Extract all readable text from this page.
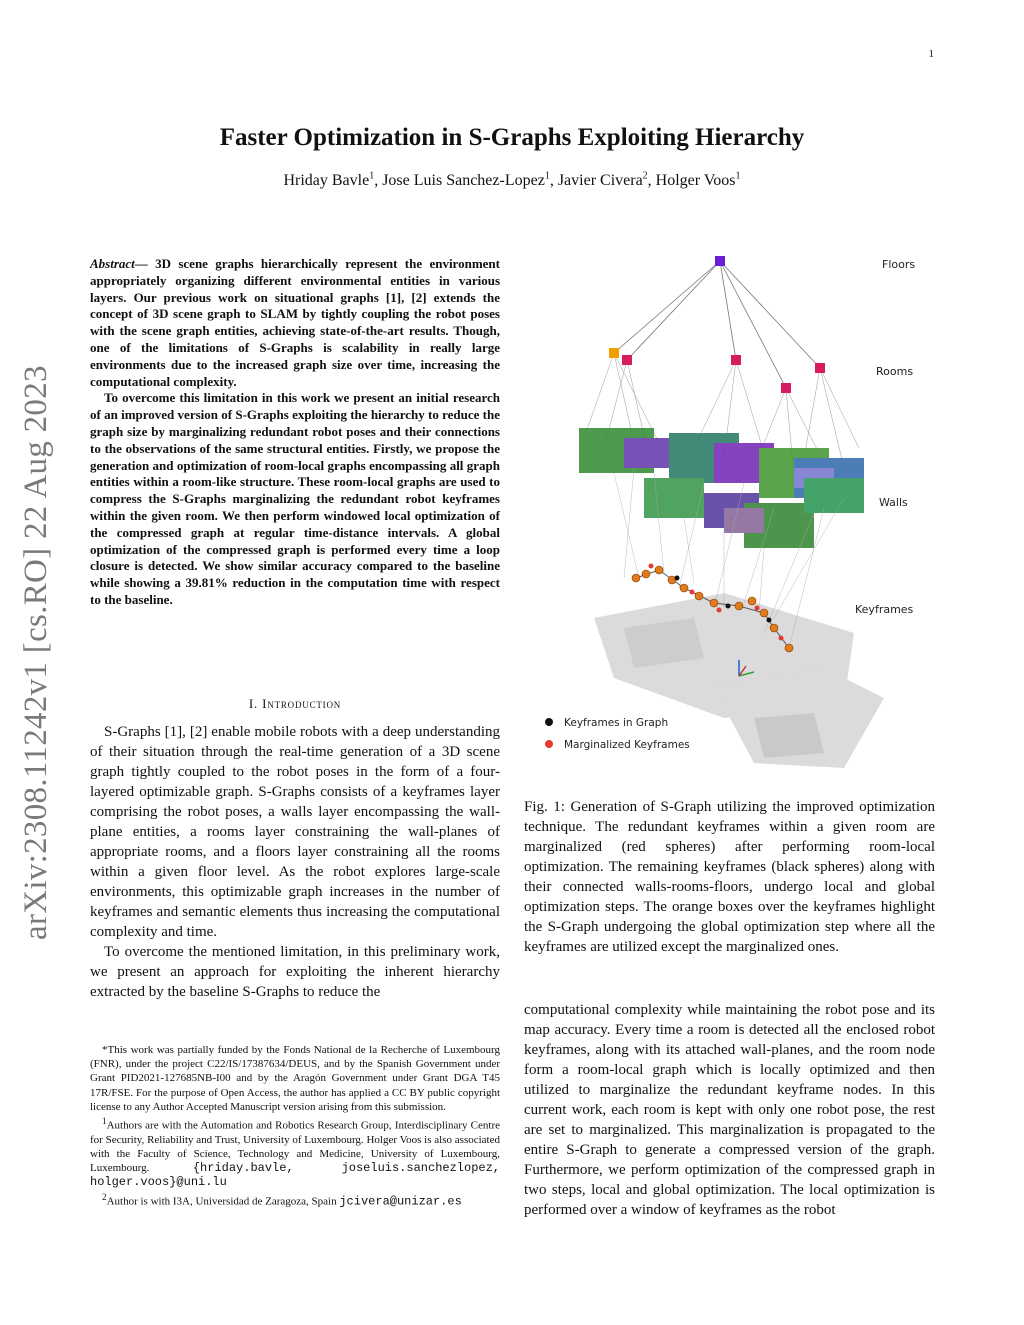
1
arXiv:2308.11242v1 [cs.RO] 22 Aug 2023
Faster Optimization in S-Graphs Exploiting Hierarchy
Hriday Bavle$^1$, Jose Luis Sanchez-Lopez$^1$, Javier Civera$^2$, Holger Voos$^1$

Abstract— 3D scene graphs hierarchically represent the environment appropriately organizing different environmental entities in various layers. Our previous work on situational graphs [1], [2] extends the concept of 3D scene graph to SLAM by tightly coupling the robot poses with the scene graph entities, achieving state-of-the-art results. Though, one of the limitations of S-Graphs is scalability in really large environments due to the increased graph size over time, increasing the computational complexity.

To overcome this limitation in this work we present an initial research of an improved version of S-Graphs exploiting the hierarchy to reduce the graph size by marginalizing redundant robot poses and their connections to the observations of the same structural entities. Firstly, we propose the generation and optimization of room-local graphs encompassing all graph entities within a room-like structure. These room-local graphs are used to compress the S-Graphs marginalizing the redundant robot keyframes within the given room. We then perform windowed local optimization of the compressed graph at regular time-distance intervals. A global optimization of the compressed graph is performed every time a loop closure is detected. We show similar accuracy compared to the baseline while showing a 39.81% reduction in the computation time with respect to the baseline.

I. Introduction

S-Graphs [1], [2] enable mobile robots with a deep understanding of their situation through the real-time generation of a 3D scene graph tightly coupled to the robot poses in the form of a four-layered optimizable graph. S-Graphs consists of a keyframes layer comprising the robot poses, a walls layer encompassing the wall-plane entities, a rooms layer constraining the wall-planes of appropriate rooms, and a floors layer constraining all the rooms within a given floor level. As the robot explores large-scale environments, this optimizable graph increases in the number of keyframes and semantic elements thus increasing the computational complexity and time.

To overcome the mentioned limitation, in this preliminary work, we present an approach for exploiting the inherent hierarchy extracted by the baseline S-Graphs to reduce the

*This work was partially funded by the Fonds National de la Recherche of Luxembourg (FNR), under the project C22/IS/17387634/DEUS, and by the Spanish Government under Grant PID2021-127685NB-I00 and by the Aragón Government under Grant DGA T45 17R/FSE. For the purpose of Open Access, the author has applied a CC BY public copyright license to any Author Accepted Manuscript version arising from this submission.

$^1$Authors are with the Automation and Robotics Research Group, Interdisciplinary Centre for Security, Reliability and Trust, University of Luxembourg. Holger Voos is also associated with the Faculty of Science, Technology and Medicine, University of Luxembourg, Luxembourg.	{hriday.bavle, joseluis.sanchezlopez, holger.voos}@uni.lu

$^2$Author is with I3A, Universidad de Zaragoza, Spain jcivera@unizar.es

Floors
Rooms
Walls
Keyframes
Keyframes in Graph
Marginalized Keyframes
Fig. 1: Generation of S-Graph utilizing the improved optimization technique. The redundant keyframes within a given room are marginalized (red spheres) after performing room-local optimization. The remaining keyframes (black spheres) along with their connected walls-rooms-floors, undergo local and global optimization steps. The orange boxes over the keyframes highlight the S-Graph undergoing the global optimization step where all the keyframes are utilized except the marginalized ones.
computational complexity while maintaining the robot pose and its map accuracy. Every time a room is detected all the enclosed robot keyframes, along with its attached wall-planes, and the room node form a room-local graph which is locally optimized and then utilized to marginalize the redundant keyframe nodes. In this current work, each room is kept with only one robot pose, the rest are set to marginalized. This marginalization is propagated to the entire S-Graph to generate a compressed version of the graph. Furthermore, we perform optimization of the compressed graph in two steps, local and global optimization. The local optimization is performed over a window of keyframes as the robot
